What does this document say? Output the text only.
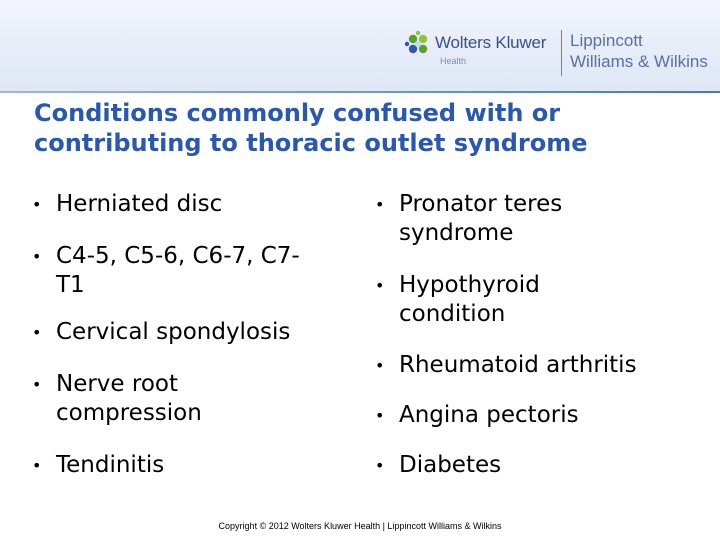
Wolters Kluwer
Health
Lippincott
Williams & Wilkins
Conditions commonly confused with or contributing to thoracic outlet syndrome
• Herniated disc
• C4-5, C5-6, C6-7, C7-T1
• Cervical spondylosis
• Nerve root compression
• Tendinitis
• Pronator teres syndrome
• Hypothyroid condition
• Rheumatoid arthritis
• Angina pectoris
• Diabetes
Copyright © 2012 Wolters Kluwer Health | Lippincott Williams & Wilkins
